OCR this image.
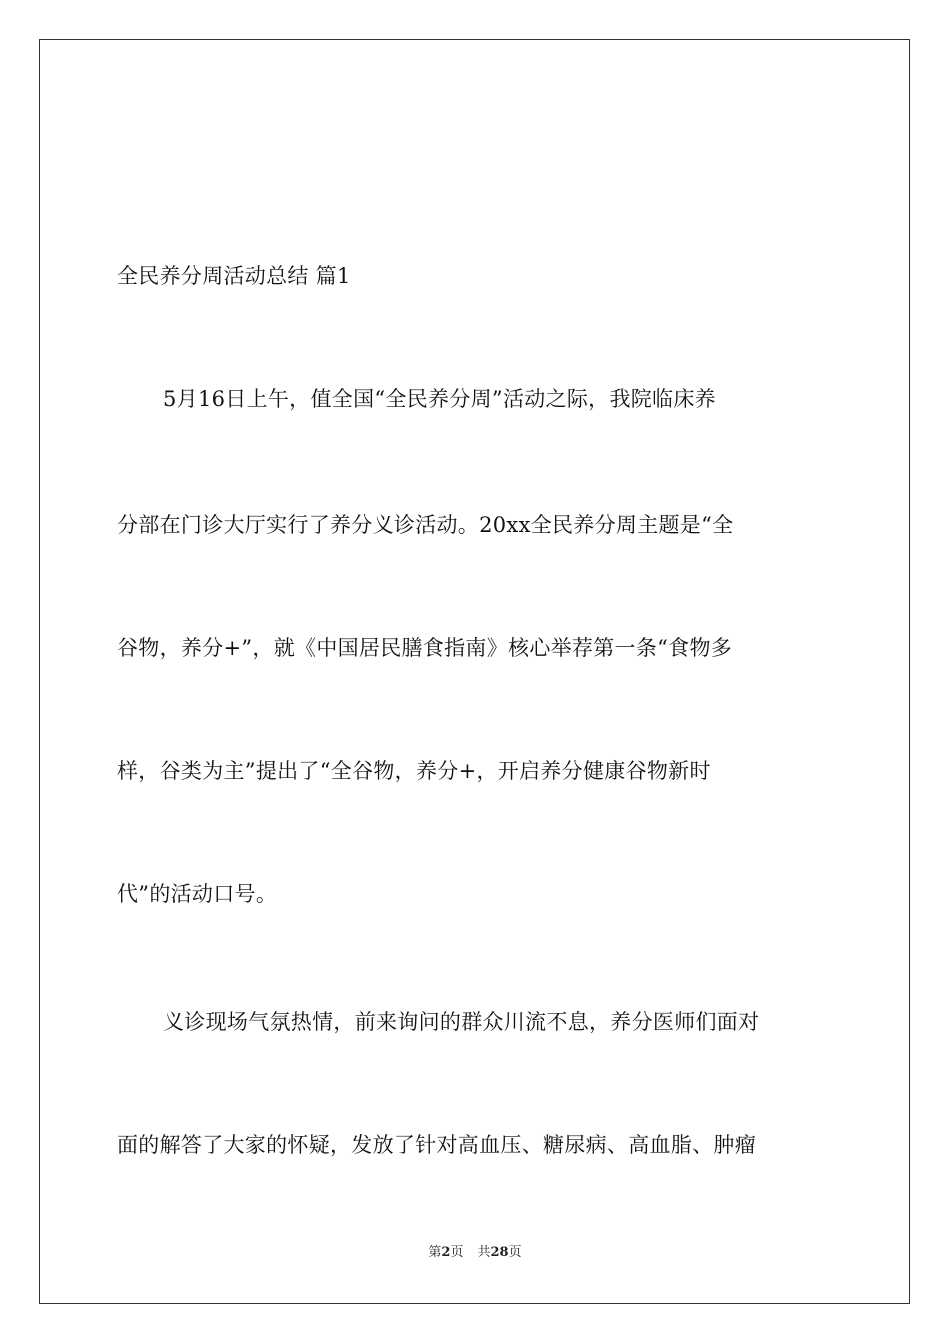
全民养分周活动总结 篇1
5月16日上午，值全国“全民养分周”活动之际，我院临床养
分部在门诊大厅实行了养分义诊活动。20xx全民养分周主题是“全
谷物，养分+”，就《中国居民膳食指南》核心举荐第一条“食物多
样，谷类为主”提出了“全谷物，养分+，开启养分健康谷物新时
代”的活动口号。
义诊现场气氛热情，前来询问的群众川流不息，养分医师们面对
面的解答了大家的怀疑，发放了针对高血压、糖尿病、高血脂、肿瘤
第2页 共28页
